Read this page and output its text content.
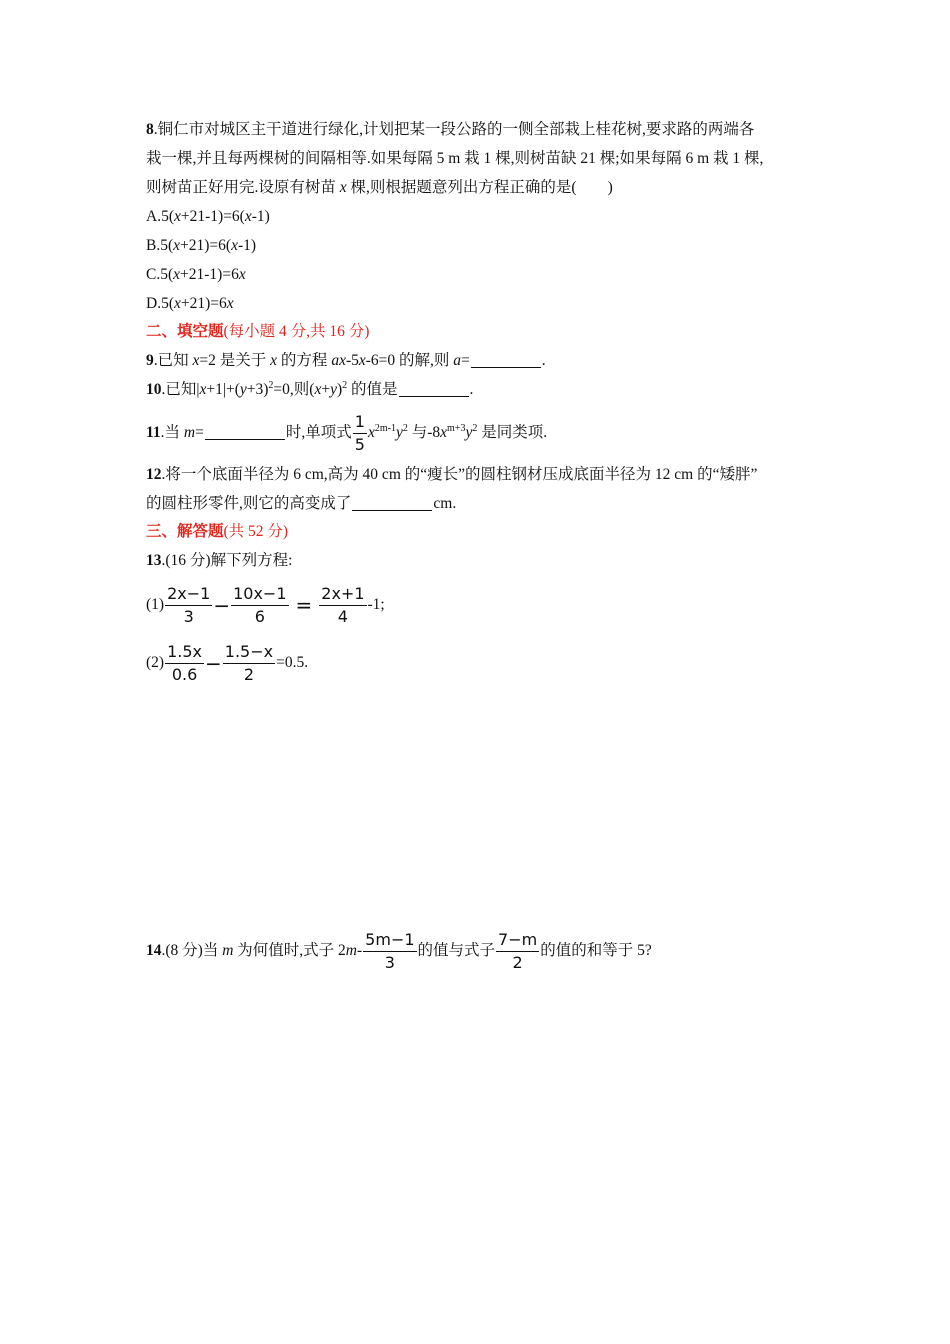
8.铜仁市对城区主干道进行绿化,计划把某一段公路的一侧全部栽上桂花树,要求路的两端各
栽一棵,并且每两棵树的间隔相等.如果每隔 5 m 栽 1 棵,则树苗缺 21 棵;如果每隔 6 m 栽 1 棵,
则树苗正好用完.设原有树苗 x 棵,则根据题意列出方程正确的是(　　)
A.5(x+21-1)=6(x-1)
B.5(x+21)=6(x-1)
C.5(x+21-1)=6x
D.5(x+21)=6x
二、填空题(每小题 4 分,共 16 分)
9.已知 x=2 是关于 x 的方程 ax-5x-6=0 的解,则 a=	.
10.已知$|x+1|+(y+3)^2=0$,则$(x+y)^2$ 的值是	.
11.当 m=	时,单项式 $\frac{1}{5} x^{2m-1}y^2$ 与$-8x^{m+3}y^2$ 是同类项.
12.将一个底面半径为 6 cm,高为 40 cm 的“瘦长”的圆柱钢材压成底面半径为 12 cm 的“矮胖”
的圆柱形零件,则它的高变成了	cm.
三、解答题(共 52 分)
13.(16 分)解下列方程:
$(1) \frac{2x-1}{3} - \frac{10x-1}{6} = \frac{2x+1}{4} -1$;
$(2) \frac{1.5x}{0.6} - \frac{1.5-x}{2} =0.5$.
14.(8 分)当 m 为何值时,式子 $2m- \frac{5m-1}{3}$ 的值与式子 $\frac{7-m}{2}$ 的值的和等于 5?
